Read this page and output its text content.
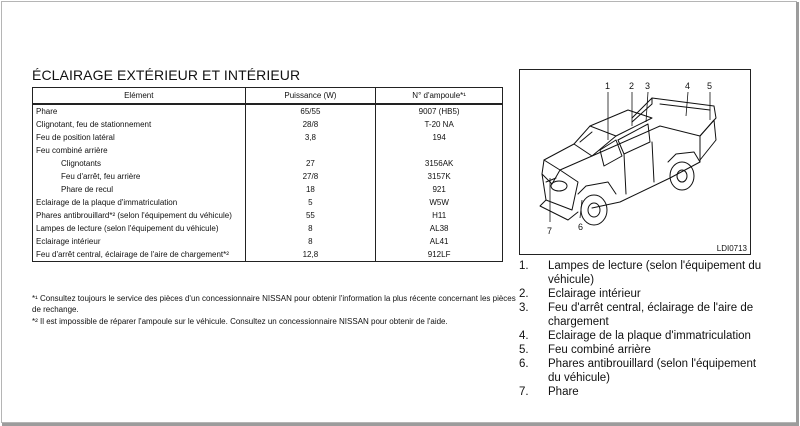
ÉCLAIRAGE EXTÉRIEUR ET INTÉRIEUR
Elément	Puissance (W)	N° d'ampoule*¹
Phare	65/55	9007 (HB5)
Clignotant, feu de stationnement	28/8	T-20 NA
Feu de position latéral	3,8	194
Feu combiné arrière		
Clignotants	27	3156AK
Feu d'arrêt, feu arrière	27/8	3157K
Phare de recul	18	921
Eclairage de la plaque d'immatriculation	5	W5W
Phares antibrouillard*² (selon l'équipement du véhicule)	55	H11
Lampes de lecture (selon l'équipement du véhicule)	8	AL38
Eclairage intérieur	8	AL41
Feu d'arrêt central, éclairage de l'aire de chargement*²	12,8	912LF
*¹ Consultez toujours le service des pièces d'un concessionnaire NISSAN pour obtenir l'information la plus récente concernant les pièces de rechange.
*² Il est impossible de réparer l'ampoule sur le véhicule. Consultez un concessionnaire NISSAN pour obtenir de l'aide.
1 2 3	4 5
6
7
LDI0713
1. Lampes de lecture (selon l'équipement du véhicule)
2. Eclairage intérieur
3. Feu d'arrêt central, éclairage de l'aire de chargement
4. Eclairage de la plaque d'immatriculation
5. Feu combiné arrière
6. Phares antibrouillard (selon l'équipement du véhicule)
7. Phare
